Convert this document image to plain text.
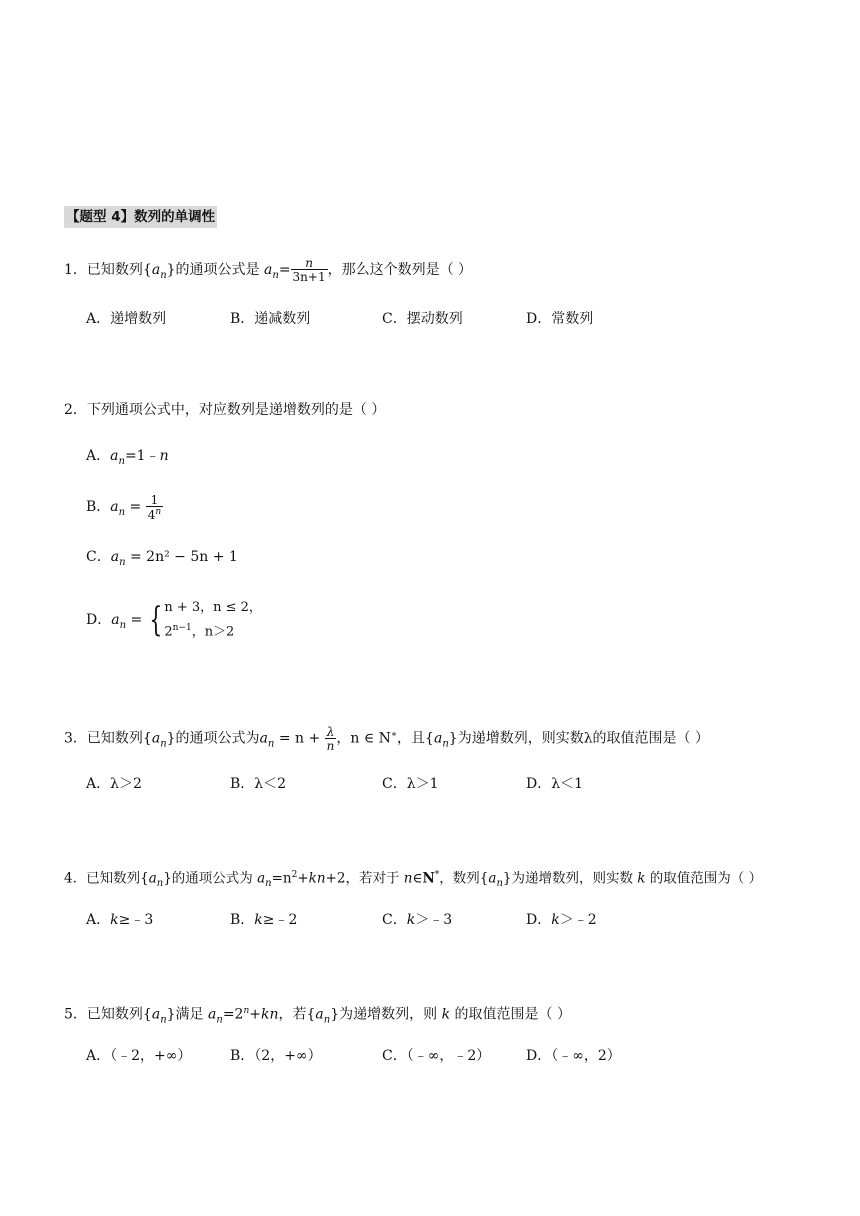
【题型 4】数列的单调性
1．已知数列$\{a_n\}$的通项公式是 $a_n= \frac{n}{3n+1}$ ，那么这个数列是（ ）
A．递增数列	B．递减数列	C．摆动数列	D．常数列
2．下列通项公式中，对应数列是递增数列的是（ ）
A．$a_n=1﹣n$
B．$a_n = \frac{1}{4^n}$
C．$a_n = 2n^2 - 5n + 1$
D．$a_n$ = { n + 3，n ≤ 2，
$2^{n-1}$，n＞2
3．已知数列$\{a_n\}$的通项公式为$a_n = n + \frac{\lambda}{n}$ ，n ∈ N∗，且$\{a_n\}$为递增数列，则实数λ的取值范围是（ ）
A．λ＞2	B．λ＜2	C．λ＞1	D．λ＜1
4．已知数列$\{a_n\}$的通项公式为 $a_n=n^2+kn+2$，若对于 n∈N*，数列$\{a_n\}$为递增数列，则实数 k 的取值范围为（ ）
A．k≥﹣3	B．k≥﹣2	C．k＞﹣3	D．k＞﹣2
5．已知数列$\{a_n\}$满足 $a_n=2^n+kn$，若$\{a_n\}$为递增数列，则 k 的取值范围是（ ）
A．（﹣2，+∞）	B．（2，+∞）	C．（﹣∞，﹣2）	D．（﹣∞，2）
